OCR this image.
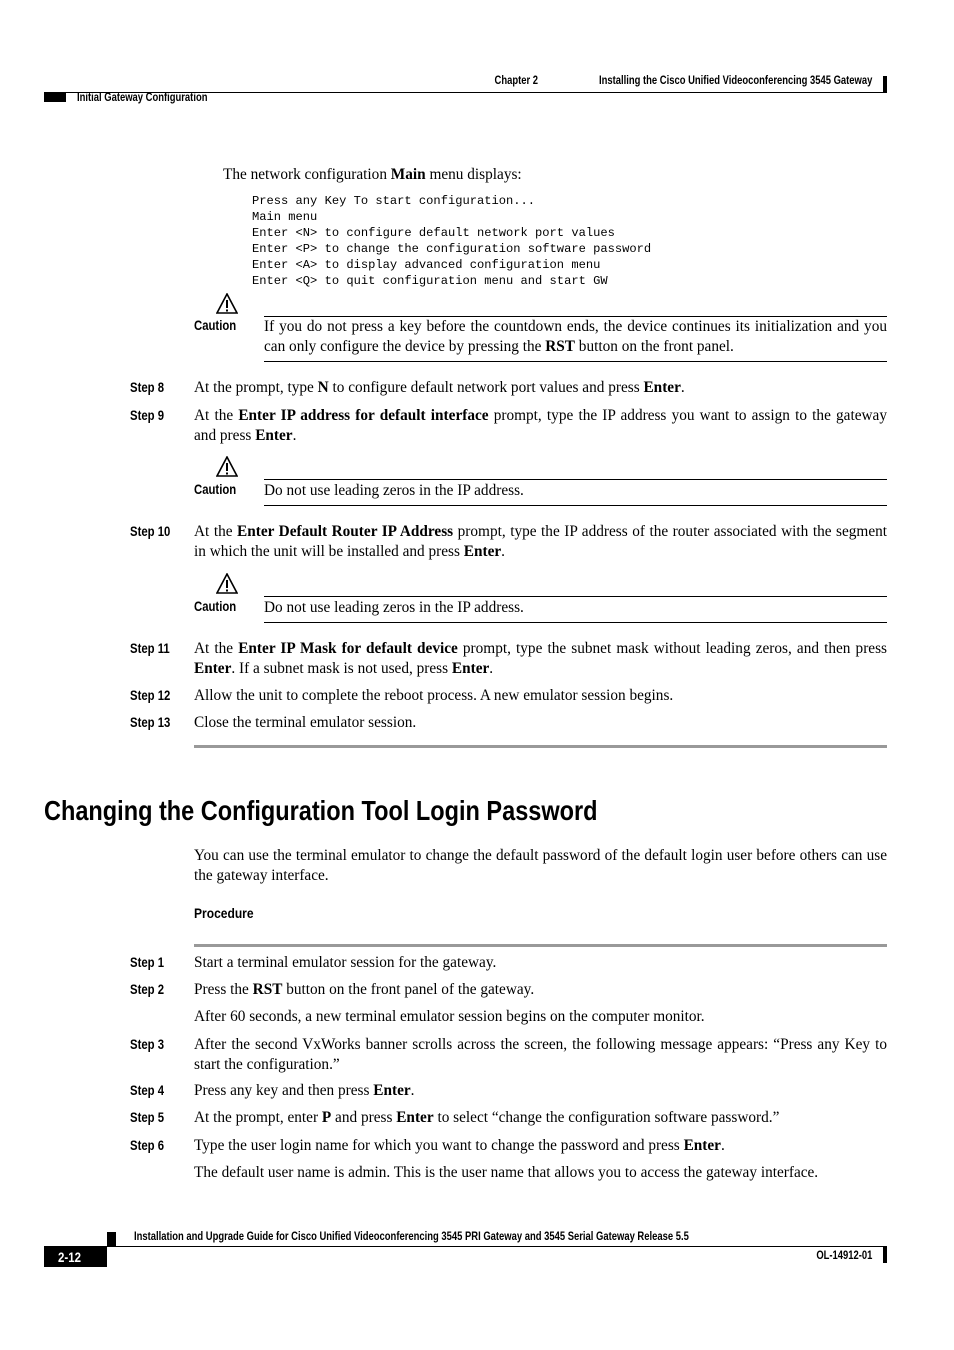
Chapter 2	Installing the Cisco Unified Videoconferencing 3545 Gateway
Initial Gateway Configuration
The network configuration Main menu displays:
Press any Key To start configuration...
Main menu
Enter <N> to configure default network port values
Enter <P> to change the configuration software password
Enter <A> to display advanced configuration menu
Enter <Q> to quit configuration menu and start GW
Caution If you do not press a key before the countdown ends, the device continues its initialization and you can only configure the device by pressing the RST button on the front panel.
Step 8 At the prompt, type N to configure default network port values and press Enter.
Step 9 At the Enter IP address for default interface prompt, type the IP address you want to assign to the gateway and press Enter.
Caution Do not use leading zeros in the IP address.
Step 10 At the Enter Default Router IP Address prompt, type the IP address of the router associated with the segment in which the unit will be installed and press Enter.
Caution Do not use leading zeros in the IP address.
Step 11 At the Enter IP Mask for default device prompt, type the subnet mask without leading zeros, and then press Enter. If a subnet mask is not used, press Enter.
Step 12 Allow the unit to complete the reboot process. A new emulator session begins.
Step 13 Close the terminal emulator session.
Changing the Configuration Tool Login Password
You can use the terminal emulator to change the default password of the default login user before others can use the gateway interface.
Procedure
Step 1 Start a terminal emulator session for the gateway.
Step 2 Press the RST button on the front panel of the gateway.
After 60 seconds, a new terminal emulator session begins on the computer monitor.
Step 3 After the second VxWorks banner scrolls across the screen, the following message appears: “Press any Key to start the configuration.”
Step 4 Press any key and then press Enter.
Step 5 At the prompt, enter P and press Enter to select “change the configuration software password.”
Step 6 Type the user login name for which you want to change the password and press Enter.
The default user name is admin. This is the user name that allows you to access the gateway interface.
Installation and Upgrade Guide for Cisco Unified Videoconferencing 3545 PRI Gateway and 3545 Serial Gateway Release 5.5
2-12	OL-14912-01
